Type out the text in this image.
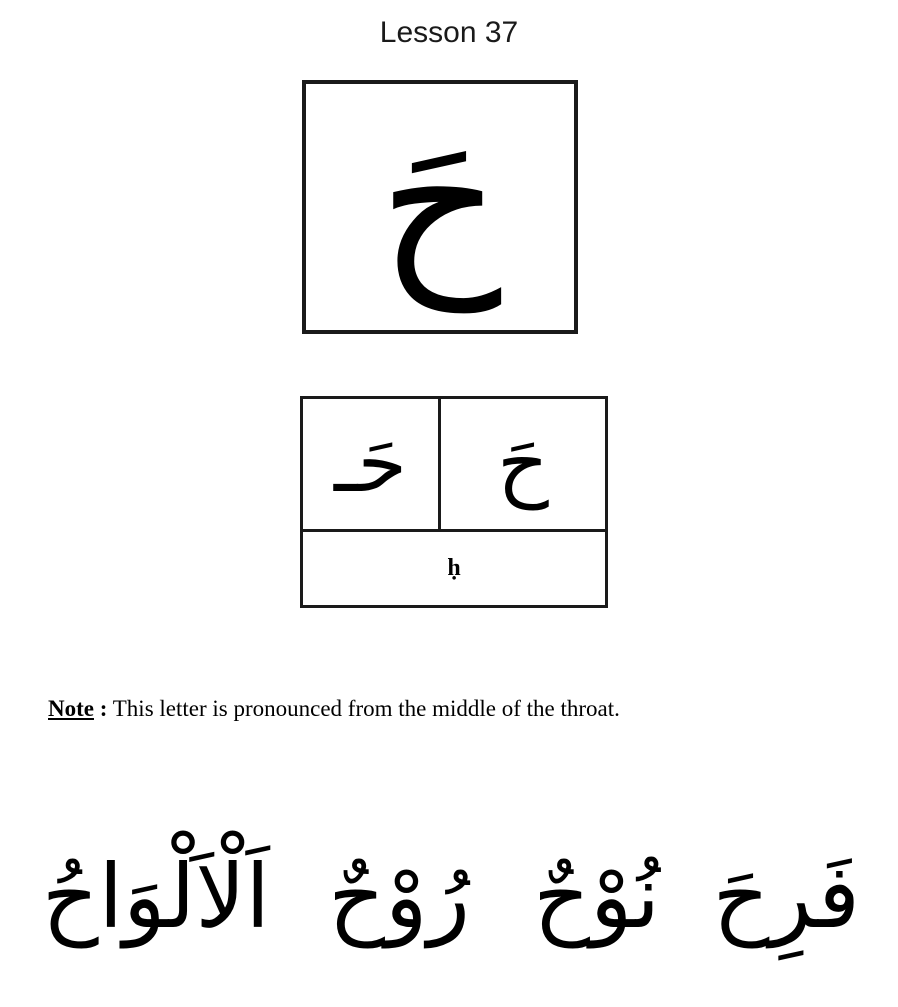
Lesson 37
حَ
حَـ حَ
ḥ
Note : This letter is pronounced from the middle of the throat.
فَرِحَ
نُوْحٌ
رُوْحٌ
اَلْاَلْوَاحُ
